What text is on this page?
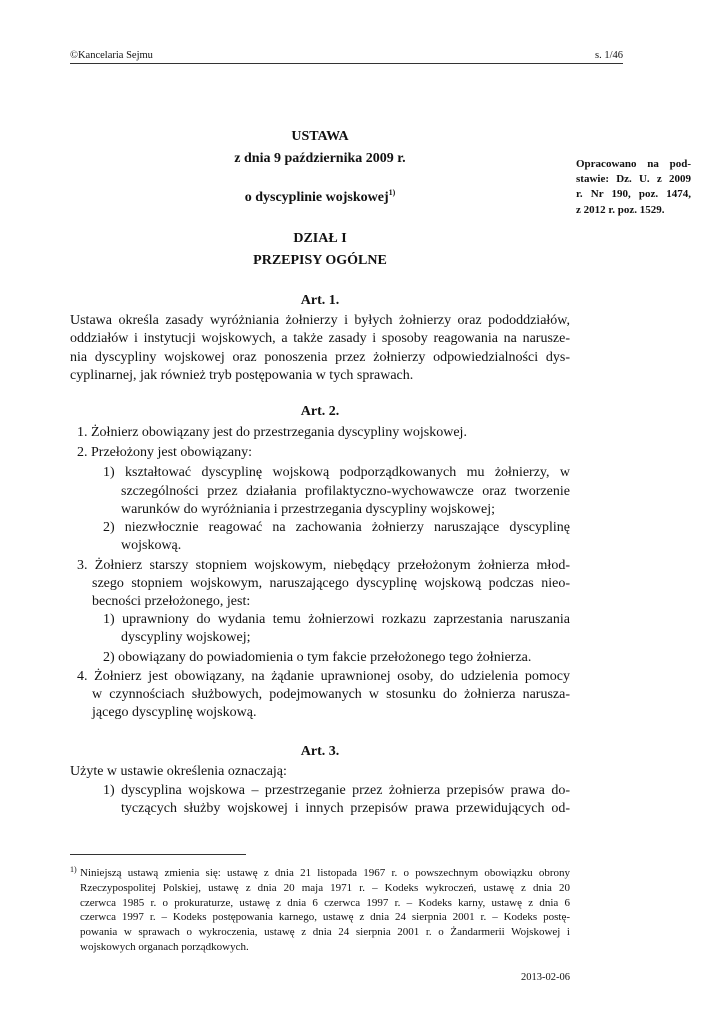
©Kancelaria Sejmu	s. 1/46
USTAWA
z dnia 9 października 2009 r.
o dyscyplinie wojskowej$^{1)}$
Opracowano na pod-
stawie: Dz. U. z 2009
r. Nr 190, poz. 1474,
z 2012 r. poz. 1529.
DZIAŁ I
PRZEPISY OGÓLNE
Art. 1.
Ustawa określa zasady wyróżniania żołnierzy i byłych żołnierzy oraz pododdziałów,
oddziałów i instytucji wojskowych, a także zasady i sposoby reagowania na narusze-
nia dyscypliny wojskowej oraz ponoszenia przez żołnierzy odpowiedzialności dys-
cyplinarnej, jak również tryb postępowania w tych sprawach.
Art. 2.
1. Żołnierz obowiązany jest do przestrzegania dyscypliny wojskowej.
2. Przełożony jest obowiązany:
1) kształtować dyscyplinę wojskową podporządkowanych mu żołnierzy, w
szczególności przez działania profilaktyczno-wychowawcze oraz tworzenie
warunków do wyróżniania i przestrzegania dyscypliny wojskowej;
2) niezwłocznie reagować na zachowania żołnierzy naruszające dyscyplinę
wojskową.
3. Żołnierz starszy stopniem wojskowym, niebędący przełożonym żołnierza młod-
szego stopniem wojskowym, naruszającego dyscyplinę wojskową podczas nieo-
becności przełożonego, jest:
1) uprawniony do wydania temu żołnierzowi rozkazu zaprzestania naruszania
dyscypliny wojskowej;
2) obowiązany do powiadomienia o tym fakcie przełożonego tego żołnierza.
4. Żołnierz jest obowiązany, na żądanie uprawnionej osoby, do udzielenia pomocy
w czynnościach służbowych, podejmowanych w stosunku do żołnierza narusza-
jącego dyscyplinę wojskową.
Art. 3.
Użyte w ustawie określenia oznaczają:
1) dyscyplina wojskowa – przestrzeganie przez żołnierza przepisów prawa do-
tyczących służby wojskowej i innych przepisów prawa przewidujących od-
$^{1)}$ Niniejszą ustawą zmienia się: ustawę z dnia 21 listopada 1967 r. o powszechnym obowiązku obrony
Rzeczypospolitej Polskiej, ustawę z dnia 20 maja 1971 r. – Kodeks wykroczeń, ustawę z dnia 20
czerwca 1985 r. o prokuraturze, ustawę z dnia 6 czerwca 1997 r. – Kodeks karny, ustawę z dnia 6
czerwca 1997 r. – Kodeks postępowania karnego, ustawę z dnia 24 sierpnia 2001 r. – Kodeks postę-
powania w sprawach o wykroczenia, ustawę z dnia 24 sierpnia 2001 r. o Żandarmerii Wojskowej i
wojskowych organach porządkowych.
2013-02-06
